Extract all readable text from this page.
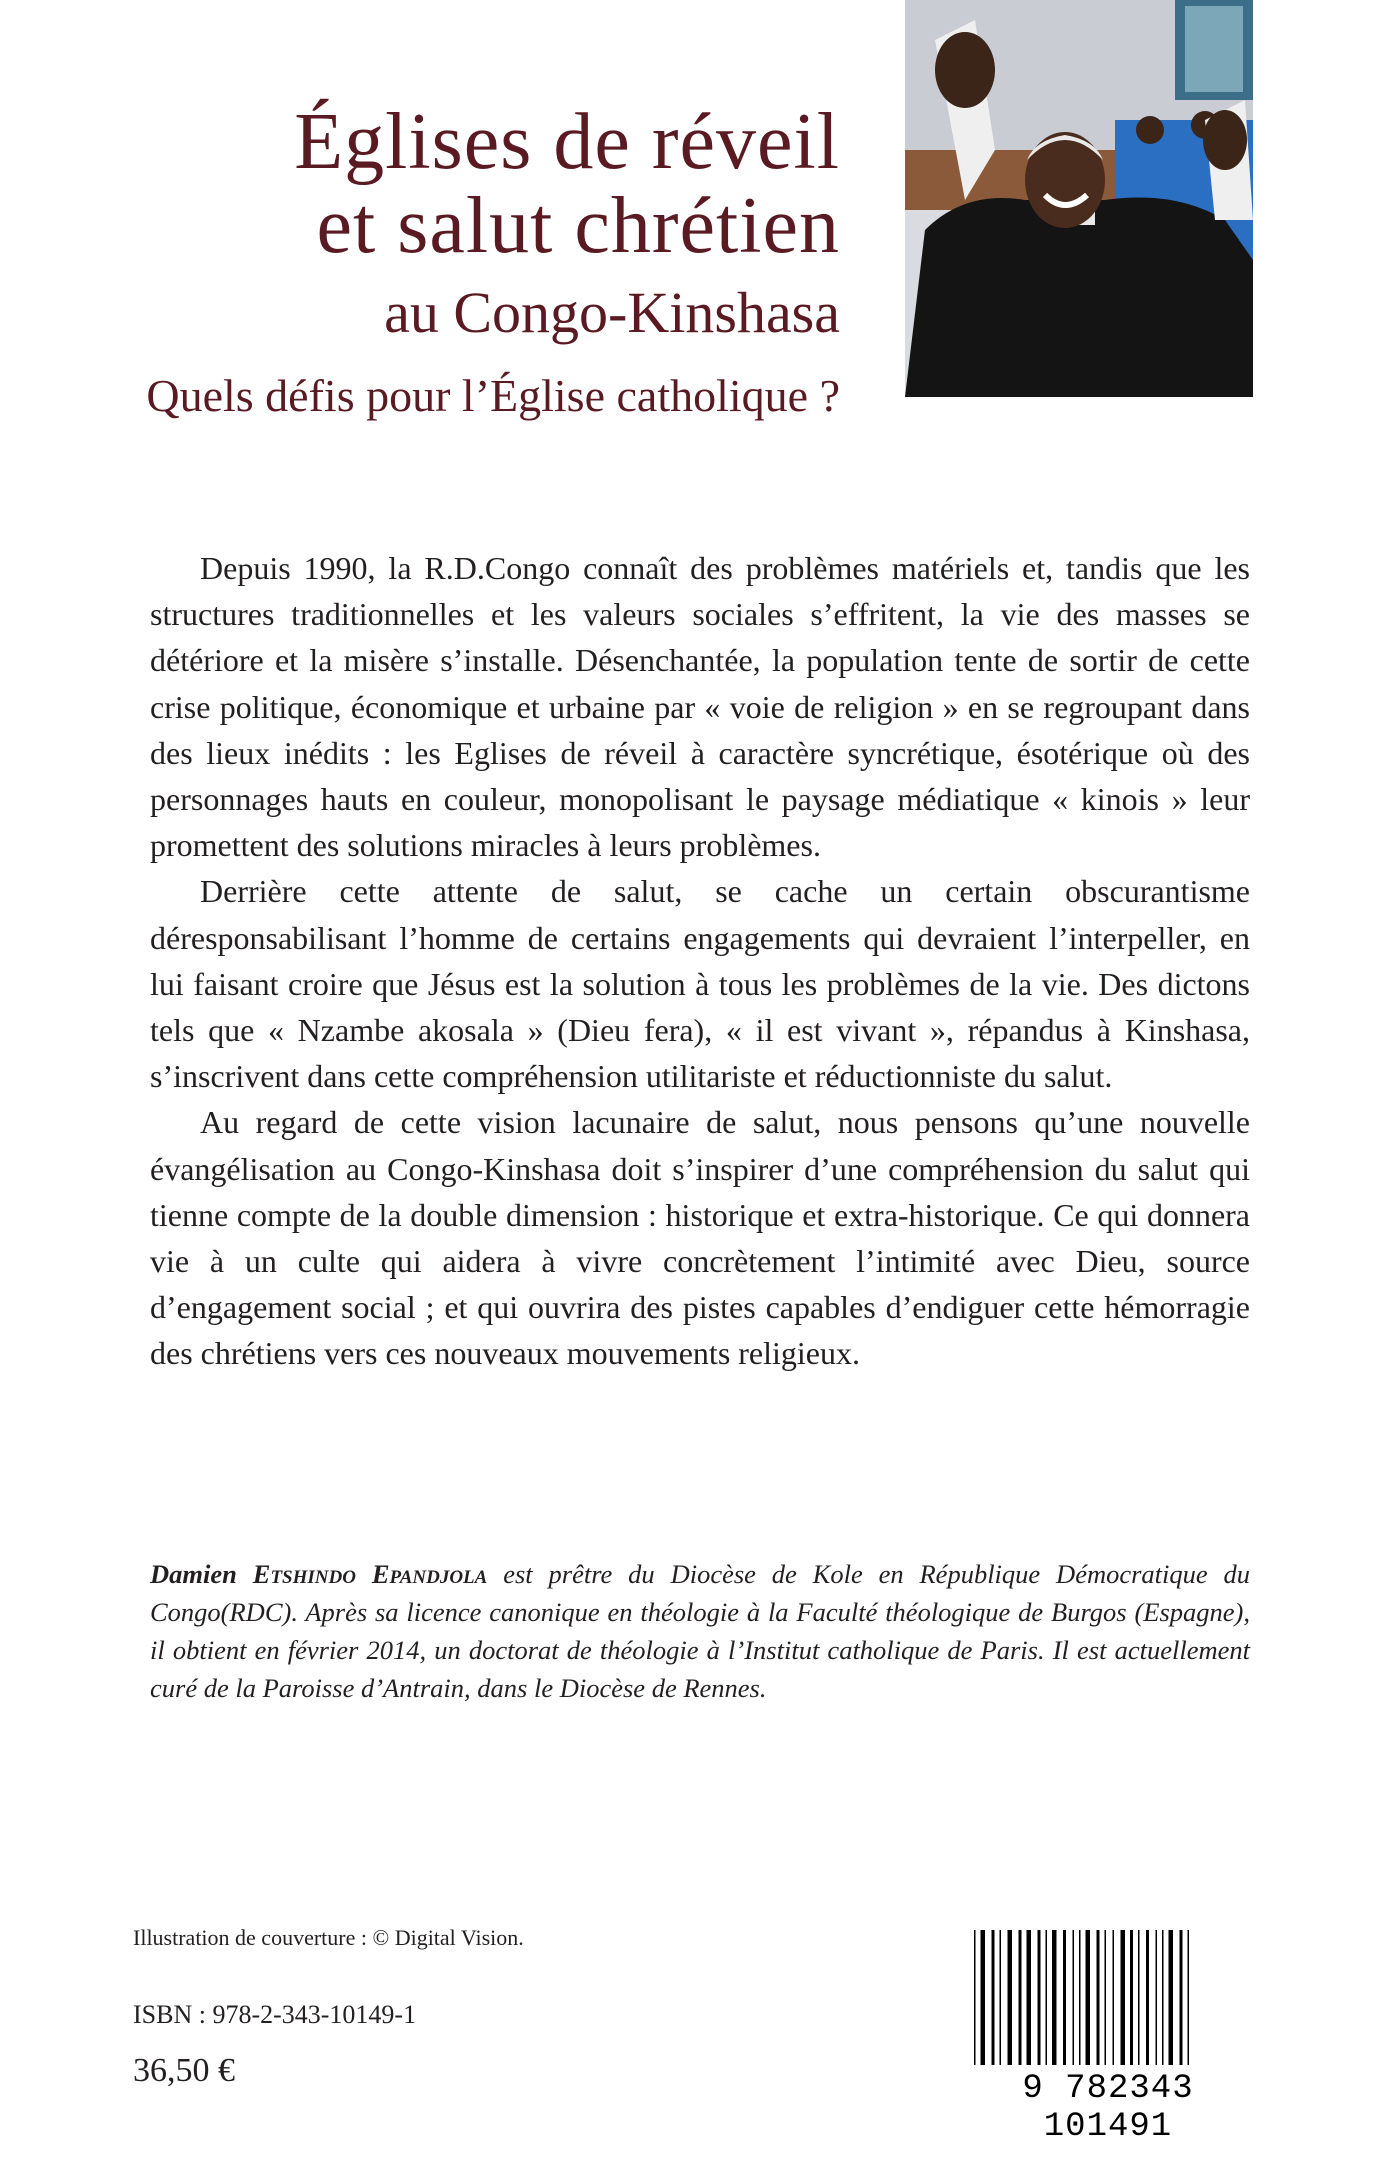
Églises de réveil
et salut chrétien
au Congo-Kinshasa
Quels défis pour l’Église catholique ?

Depuis 1990, la R.D.Congo connaît des problèmes matériels et, tandis que les structures traditionnelles et les valeurs sociales s’effritent, la vie des masses se détériore et la misère s’installe. Désenchantée, la population tente de sortir de cette crise politique, économique et urbaine par « voie de religion » en se regroupant dans des lieux inédits : les Eglises de réveil à caractère syncrétique, ésotérique où des personnages hauts en couleur, monopolisant le paysage médiatique « kinois » leur promettent des solutions miracles à leurs problèmes.

Derrière cette attente de salut, se cache un certain obscurantisme déresponsabilisant l’homme de certains engagements qui devraient l’interpeller, en lui faisant croire que Jésus est la solution à tous les problèmes de la vie. Des dictons tels que « Nzambe akosala » (Dieu fera), « il est vivant », répandus à Kinshasa, s’inscrivent dans cette compréhension utilitariste et réductionniste du salut.

Au regard de cette vision lacunaire de salut, nous pensons qu’une nouvelle évangélisation au Congo-Kinshasa doit s’inspirer d’une compréhension du salut qui tienne compte de la double dimension : historique et extra-historique. Ce qui donnera vie à un culte qui aidera à vivre concrètement l’intimité avec Dieu, source d’engagement social ; et qui ouvrira des pistes capables d’endiguer cette hémorragie des chrétiens vers ces nouveaux mouvements religieux.

Damien Etshindo Epandjola est prêtre du Diocèse de Kole en République Démocratique du Congo(RDC). Après sa licence canonique en théologie à la Faculté théologique de Burgos (Espagne), il obtient en février 2014, un doctorat de théologie à l’Institut catholique de Paris. Il est actuellement curé de la Paroisse d’Antrain, dans le Diocèse de Rennes.
Illustration de couverture : © Digital Vision.
ISBN : 978-2-343-10149-1
36,50 €	9 782343 101491
